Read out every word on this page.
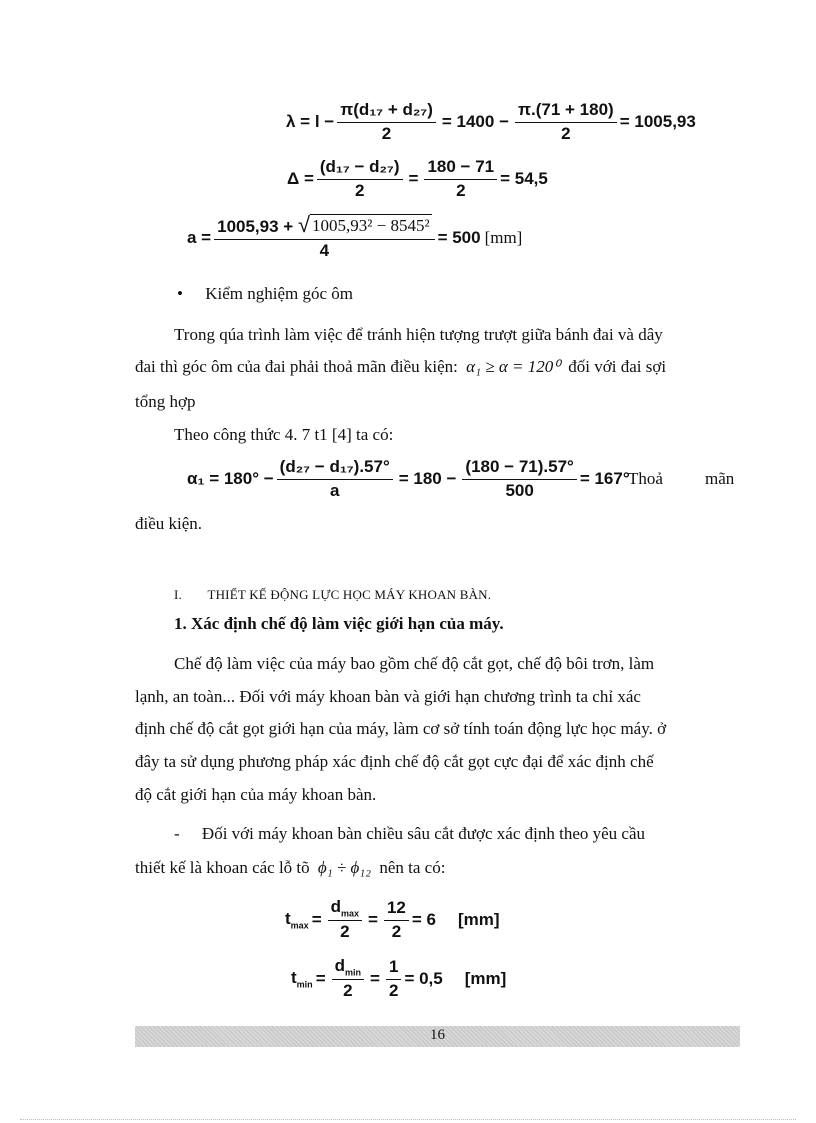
$\lambda = l - \frac{\text{π(d₁₇ + d₂₇)}}{2} = 1400 - \frac{\pi.(71 + 180)}{2} = 1005,93$
$\Delta = \frac{\text{(d₁₇ − d₂₇)}}{2} = \frac{180 - 71}{2} = 54,5$
$a = \frac{\text{1005,93 + √ 1005,93² − 8545²}}{4} = 500$ [mm]
• Kiểm nghiệm góc ôm
Trong qúa trình làm việc để tránh hiện tượng trượt giữa bánh đai và dây
đai thì góc ôm của đai phải thoả mãn điều kiện: α₁ ≥ α = 120⁰ đối với đai sợi
tổng hợp
Theo công thức 4. 7 t1 [4] ta có:
$\alpha_1 = 180^\circ - \frac{\text{(d₂₇ − d₁₇).57°}}{a} = 180 - \frac{(180 - 71).57^\circ}{500} = 167^\circ$
Thoả mãn
điều kiện.
I. THIẾT KẾ ĐỘNG LỰC HỌC MÁY KHOAN BÀN.
1. Xác định chế độ làm việc giới hạn của máy.
Chế độ làm việc của máy bao gồm chế độ cắt gọt, chế độ bôi trơn, làm
lạnh, an toàn... Đối với máy khoan bàn và giới hạn chương trình ta chỉ xác
định chế độ cắt gọt giới hạn của máy, làm cơ sở tính toán động lực học máy. ở
đây ta sử dụng phương pháp xác định chế độ cắt gọt cực đại để xác định chế
độ cắt giới hạn của máy khoan bàn.
- Đối với máy khoan bàn chiều sâu cắt được xác định theo yêu cầu
thiết kế là khoan các lỗ tõ ϕ₁ ÷ ϕ₁₂ nên ta có:
$t_{max} = \frac{d_{max}}{2} = \frac{12}{2} = 6$ [mm]
$t_{min} = \frac{d_{min}}{2} = \frac{1}{2} = 0,5$ [mm]
16
